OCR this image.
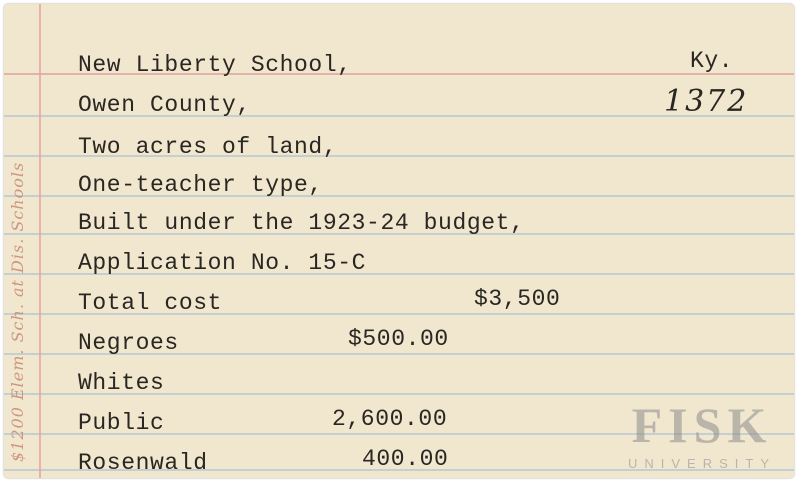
$1200 Elem. Sch. at Dis. Schools
New Liberty School,	Ky.
Owen County,	1372
Two acres of land,
One-teacher type,
Built under the 1923-24 budget,
Application No. 15-C
Total cost	$3,500
Negroes	$500.00
Whites
Public	2,600.00
Rosenwald	400.00
FISK
UNIVERSITY
